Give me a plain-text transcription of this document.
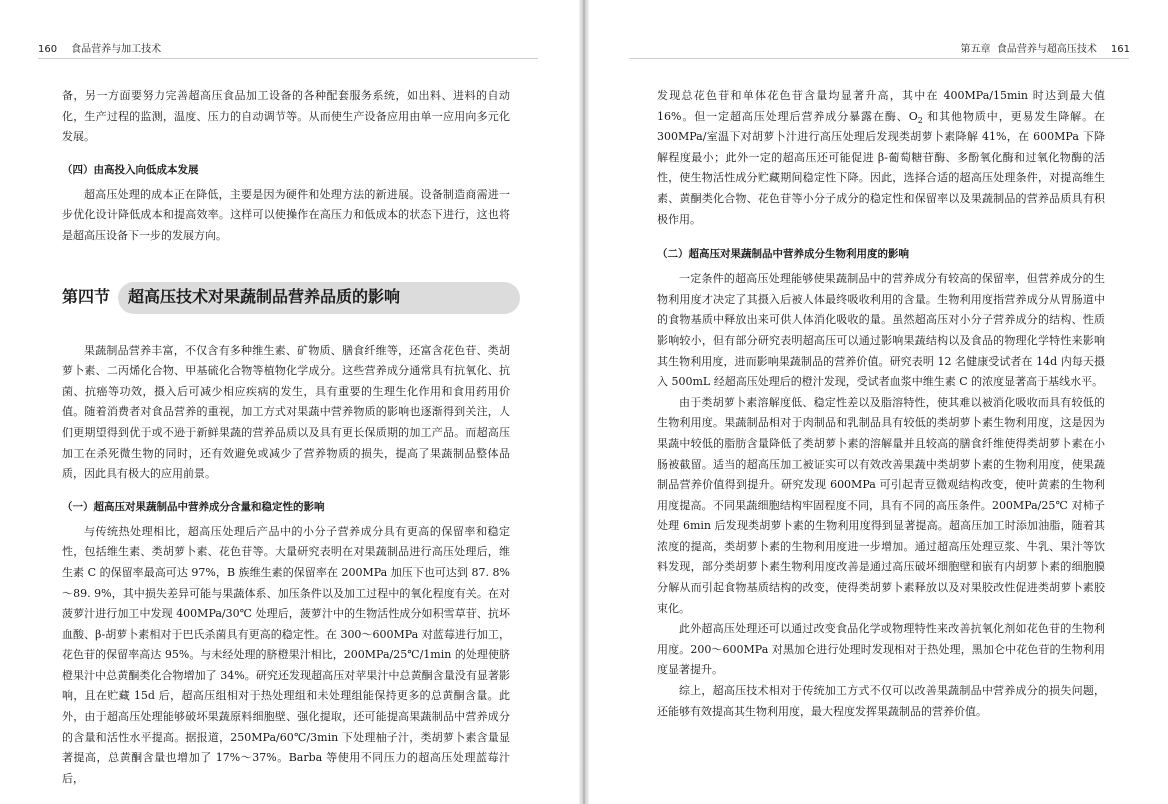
160 食品营养与加工技术

备，另一方面要努力完善超高压食品加工设备的各种配套服务系统，如出料、进料的自动化，生产过程的监测，温度、压力的自动调节等。从而使生产设备应用由单一应用向多元化发展。

（四）由高投入向低成本发展

超高压处理的成本正在降低，主要是因为硬件和处理方法的新进展。设备制造商需进一步优化设计降低成本和提高效率。这样可以使操作在高压力和低成本的状态下进行，这也将是超高压设备下一步的发展方向。

第四节 超高压技术对果蔬制品营养品质的影响

果蔬制品营养丰富，不仅含有多种维生素、矿物质、膳食纤维等，还富含花色苷、类胡萝卜素、二丙烯化合物、甲基硫化合物等植物化学成分。这些营养成分通常具有抗氧化、抗菌、抗癌等功效，摄入后可减少相应疾病的发生，具有重要的生理生化作用和食用药用价值。随着消费者对食品营养的重视，加工方式对果蔬中营养物质的影响也逐渐得到关注，人们更期望得到优于或不逊于新鲜果蔬的营养品质以及具有更长保质期的加工产品。而超高压加工在杀死微生物的同时，还有效避免或减少了营养物质的损失，提高了果蔬制品整体品质，因此具有极大的应用前景。

（一）超高压对果蔬制品中营养成分含量和稳定性的影响

与传统热处理相比，超高压处理后产品中的小分子营养成分具有更高的保留率和稳定性，包括维生素、类胡萝卜素、花色苷等。大量研究表明在对果蔬制品进行高压处理后，维生素 C 的保留率最高可达 97%，B 族维生素的保留率在 200MPa 加压下也可达到 87. 8%～89. 9%，其中损失差异可能与果蔬体系、加压条件以及加工过程中的氧化程度有关。在对菠萝汁进行加工中发现 400MPa/30℃ 处理后，菠萝汁中的生物活性成分如积雪草苷、抗坏血酸、β-胡萝卜素相对于巴氏杀菌具有更高的稳定性。在 300～600MPa 对蓝莓进行加工，花色苷的保留率高达 95%。与未经处理的脐橙果汁相比，200MPa/25℃/1min 的处理使脐橙果汁中总黄酮类化合物增加了 34%。研究还发现超高压对苹果汁中总黄酮含量没有显著影响，且在贮藏 15d 后，超高压组相对于热处理组和未处理组能保持更多的总黄酮含量。此外，由于超高压处理能够破坏果蔬原料细胞壁、强化提取，还可能提高果蔬制品中营养成分的含量和活性水平提高。据报道，250MPa/60℃/3min 下处理柚子汁，类胡萝卜素含量显著提高，总黄酮含量也增加了 17%～37%。Barba 等使用不同压力的超高压处理蓝莓汁后，

第五章 食品营养与超高压技术 161

发现总花色苷和单体花色苷含量均显著升高，其中在 400MPa/15min 时达到最大值 16%。但一定超高压处理后营养成分暴露在酶、$O_2$ 和其他物质中，更易发生降解。在 300MPa/室温下对胡萝卜汁进行高压处理后发现类胡萝卜素降解 41%，在 600MPa 下降解程度最小；此外一定的超高压还可能促进 β-葡萄糖苷酶、多酚氧化酶和过氧化物酶的活性，使生物活性成分贮藏期间稳定性下降。因此，选择合适的超高压处理条件，对提高维生素、黄酮类化合物、花色苷等小分子成分的稳定性和保留率以及果蔬制品的营养品质具有积极作用。

（二）超高压对果蔬制品中营养成分生物利用度的影响

一定条件的超高压处理能够使果蔬制品中的营养成分有较高的保留率，但营养成分的生物利用度才决定了其摄入后被人体最终吸收利用的含量。生物利用度指营养成分从胃肠道中的食物基质中释放出来可供人体消化吸收的量。虽然超高压对小分子营养成分的结构、性质影响较小，但有部分研究表明超高压可以通过影响果蔬结构以及食品的物理化学特性来影响其生物利用度，进而影响果蔬制品的营养价值。研究表明 12 名健康受试者在 14d 内每天摄入 500mL 经超高压处理后的橙汁发现，受试者血浆中维生素 C 的浓度显著高于基线水平。

由于类胡萝卜素溶解度低、稳定性差以及脂溶特性，使其难以被消化吸收而具有较低的生物利用度。果蔬制品相对于肉制品和乳制品具有较低的类胡萝卜素生物利用度，这是因为果蔬中较低的脂肪含量降低了类胡萝卜素的溶解量并且较高的膳食纤维使得类胡萝卜素在小肠被截留。适当的超高压加工被证实可以有效改善果蔬中类胡萝卜素的生物利用度，使果蔬制品营养价值得到提升。研究发现 600MPa 可引起青豆微观结构改变，使叶黄素的生物利用度提高。不同果蔬细胞结构牢固程度不同，具有不同的高压条件。200MPa/25℃ 对柿子处理 6min 后发现类胡萝卜素的生物利用度得到显著提高。超高压加工时添加油脂，随着其浓度的提高，类胡萝卜素的生物利用度进一步增加。通过超高压处理豆浆、牛乳、果汁等饮料发现，部分类胡萝卜素生物利用度改善是通过高压破坏细胞壁和嵌有内胡萝卜素的细胞膜分解从而引起食物基质结构的改变，使得类胡萝卜素释放以及对果胶改性促进类胡萝卜素胶束化。

此外超高压处理还可以通过改变食品化学或物理特性来改善抗氧化剂如花色苷的生物利用度。200～600MPa 对黑加仑进行处理时发现相对于热处理，黑加仑中花色苷的生物利用度显著提升。

综上，超高压技术相对于传统加工方式不仅可以改善果蔬制品中营养成分的损失问题，还能够有效提高其生物利用度，最大程度发挥果蔬制品的营养价值。
